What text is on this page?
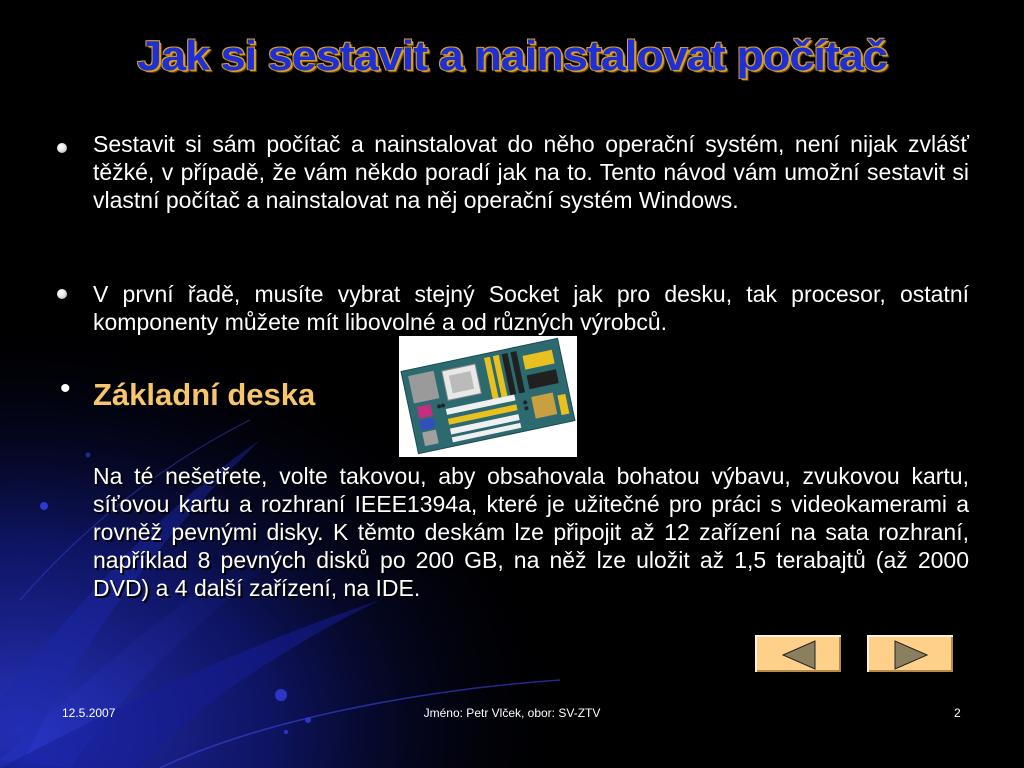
Jak si sestavit a nainstalovat počítač
Sestavit si sám počítač a nainstalovat do něho operační systém, není nijak zvlášť těžké, v případě, že vám někdo poradí jak na to. Tento návod vám umožní sestavit si vlastní počítač a nainstalovat na něj operační systém Windows.
V první řadě, musíte vybrat stejný Socket jak pro desku, tak procesor, ostatní komponenty můžete mít libovolné a od různých výrobců.
• Základní deska
Na té nešetřete, volte takovou, aby obsahovala bohatou výbavu, zvukovou kartu, síťovou kartu a rozhraní IEEE1394a, které je užitečné pro práci s videokamerami a rovněž pevnými disky. K těmto deskám lze připojit až 12 zařízení na sata rozhraní, například 8 pevných disků po 200 GB, na něž lze uložit až 1,5 terabajtů (až 2000 DVD) a 4 další zařízení, na IDE.
12.5.2007	Jméno: Petr Vlček, obor: SV-ZTV	2
